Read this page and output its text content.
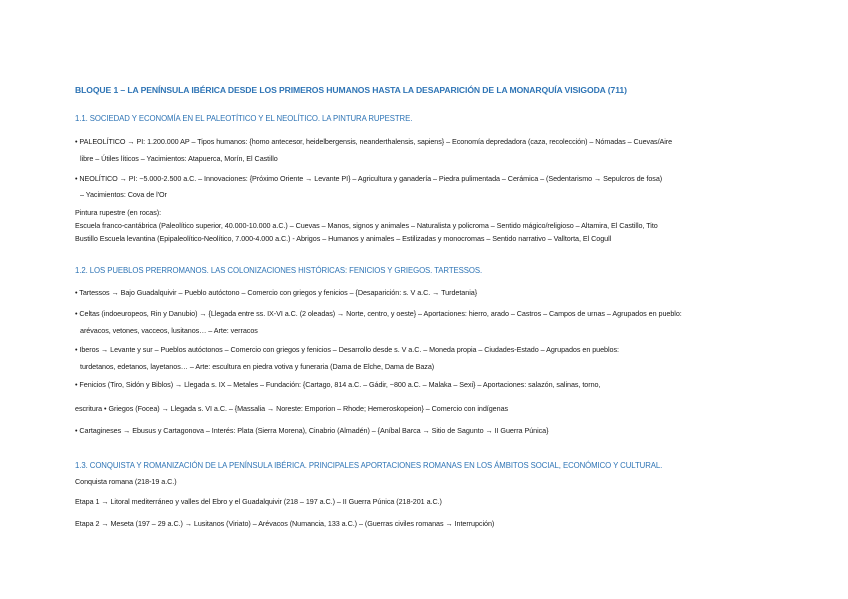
BLOQUE 1 – LA PENÍNSULA IBÉRICA DESDE LOS PRIMEROS HUMANOS HASTA LA DESAPARICIÓN DE LA MONARQUÍA VISIGODA (711)
1.1. SOCIEDAD Y ECONOMÍA EN EL PALEOTÍTICO Y EL NEOLÍTICO. LA PINTURA RUPESTRE.
• PALEOLÍTICO → PI: 1.200.000 AP – Tipos humanos: {homo antecesor, heidelbergensis, neanderthalensis, sapiens} – Economía depredadora (caza, recolección) – Nómadas – Cuevas/Aire
libre – Útiles líticos – Yacimientos: Atapuerca, Morín, El Castillo
• NEOLÍTICO → PI: ~5.000-2.500 a.C. – Innovaciones: {Próximo Oriente → Levante PI} – Agricultura y ganadería – Piedra pulimentada – Cerámica – (Sedentarismo → Sepulcros de fosa)
– Yacimientos: Cova de l'Or
Pintura rupestre (en rocas):
Escuela franco-cantábrica (Paleolítico superior, 40.000-10.000 a.C.) – Cuevas – Manos, signos y animales – Naturalista y policroma – Sentido mágico/religioso – Altamira, El Castillo, Tito
Bustillo Escuela levantina (Epipaleolítico-Neolítico, 7.000-4.000 a.C.) - Abrigos – Humanos y animales – Estilizadas y monocromas – Sentido narrativo – Valltorta, El Cogull
1.2. LOS PUEBLOS PRERROMANOS. LAS COLONIZACIONES HISTÓRICAS: FENICIOS Y GRIEGOS. TARTESSOS.
• Tartessos → Bajo Guadalquivir – Pueblo autóctono – Comercio con griegos y fenicios – {Desaparición: s. V a.C. → Turdetania}
• Celtas (indoeuropeos, Rin y Danubio) → {Llegada entre ss. IX-VI a.C. (2 oleadas) → Norte, centro, y oeste} – Aportaciones: hierro, arado – Castros – Campos de urnas – Agrupados en pueblo:
arévacos, vetones, vacceos, lusitanos… – Arte: verracos
• Iberos → Levante y sur – Pueblos autóctonos – Comercio con griegos y fenicios – Desarrollo desde s. V a.C. – Moneda propia – Ciudades-Estado – Agrupados en pueblos:
turdetanos, edetanos, layetanos… – Arte: escultura en piedra votiva y funeraria (Dama de Elche, Dama de Baza)
• Fenicios (Tiro, Sidón y Biblos) → Llegada s. IX – Metales – Fundación: {Cartago, 814 a.C. – Gádir, ~800 a.C. – Malaka – Sexi} – Aportaciones: salazón, salinas, torno,
escritura • Griegos (Focea) → Llegada s. VI a.C. – {Massalia → Noreste: Emporion – Rhode; Hemeroskopeion} – Comercio con indígenas
• Cartagineses → Ebusus y Cartagonova – Interés: Plata (Sierra Morena), Cinabrio (Almadén) – {Aníbal Barca → Sitio de Sagunto → II Guerra Púnica}
1.3. CONQUISTA Y ROMANIZACIÓN DE LA PENÍNSULA IBÉRICA. PRINCIPALES APORTACIONES ROMANAS EN LOS ÁMBITOS SOCIAL, ECONÓMICO Y CULTURAL.
Conquista romana (218-19 a.C.)
Etapa 1 → Litoral mediterráneo y valles del Ebro y el Guadalquivir (218 – 197 a.C.) – II Guerra Púnica (218-201 a.C.)
Etapa 2 → Meseta (197 – 29 a.C.) → Lusitanos (Viriato) – Arévacos (Numancia, 133 a.C.) – (Guerras civiles romanas → Interrupción)
